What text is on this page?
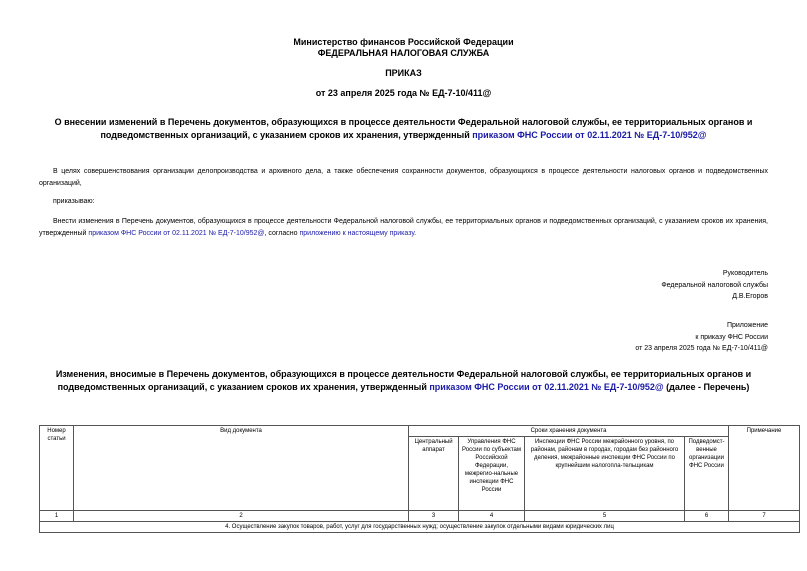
Министерство финансов Российской Федерации
ФЕДЕРАЛЬНАЯ НАЛОГОВАЯ СЛУЖБА
ПРИКАЗ
от 23 апреля 2025 года № ЕД-7-10/411@
О внесении изменений в Перечень документов, образующихся в процессе деятельности Федеральной налоговой службы, ее территориальных органов и подведомственных организаций, с указанием сроков их хранения, утвержденный приказом ФНС России от 02.11.2021 № ЕД-7-10/952@
В целях совершенствования организации делопроизводства и архивного дела, а также обеспечения сохранности документов, образующихся в процессе деятельности налоговых органов и подведомственных организаций,
приказываю:
Внести изменения в Перечень документов, образующихся в процессе деятельности Федеральной налоговой службы, ее территориальных органов и подведомственных организаций, с указанием сроков их хранения, утвержденный приказом ФНС России от 02.11.2021 № ЕД-7-10/952@, согласно приложению к настоящему приказу.
Руководитель
Федеральной налоговой службы
Д.В.Егоров
Приложение
к приказу ФНС России
от 23 апреля 2025 года № ЕД-7-10/411@
Изменения, вносимые в Перечень документов, образующихся в процессе деятельности Федеральной налоговой службы, ее территориальных органов и подведомственных организаций, с указанием сроков их хранения, утвержденный приказом ФНС России от 02.11.2021 № ЕД-7-10/952@ (далее - Перечень)
Номер статьи	Вид документа	Сроки хранения документа				Примечание
		Центральный аппарат	Управления ФНС России по субъектам Российской Федерации, межрегио-нальные инспекции ФНС России	Инспекции ФНС России межрайонного уровня, по районам, районам в городах, городам без районного деления, межрайонные инспекции ФНС России по крупнейшим налогопла-тельщикам	Подведомст-венные организации ФНС России	
1	2	3	4	5	6	7
4. Осуществление закупок товаров, работ, услуг для государственных нужд; осуществление закупок отдельными видами юридических лиц						
